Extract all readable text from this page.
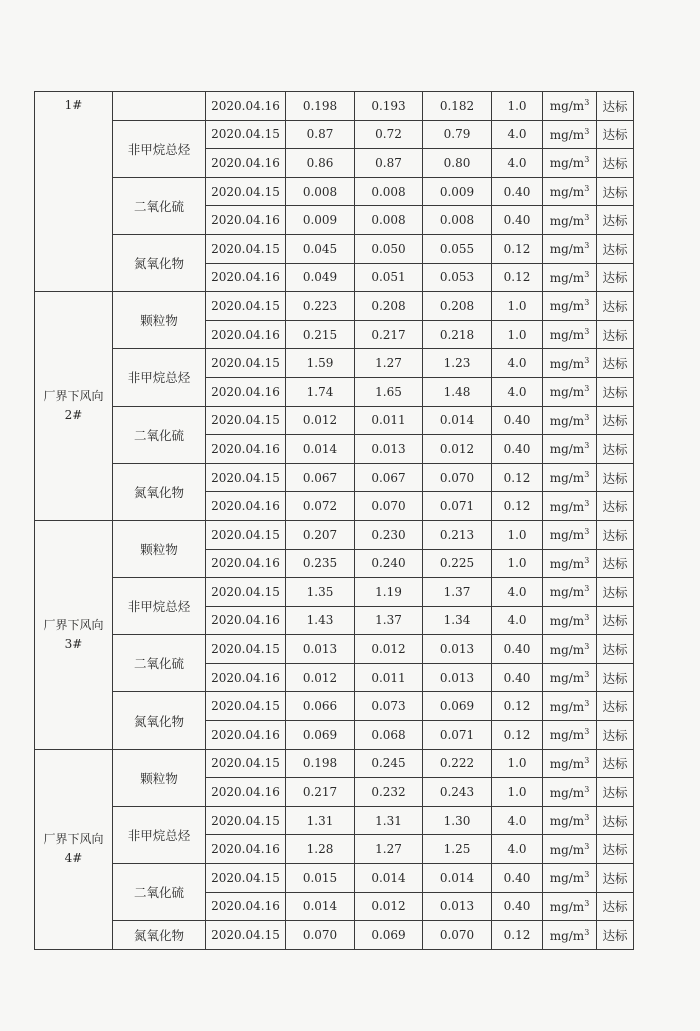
1#		2020.04.16	0.198	0.193	0.182	1.0	$mg/m^3$	达标
	非甲烷总烃	2020.04.15	0.87	0.72	0.79	4.0	$mg/m^3$	达标
		2020.04.16	0.86	0.87	0.80	4.0	$mg/m^3$	达标
	二氧化硫	2020.04.15	0.008	0.008	0.009	0.40	$mg/m^3$	达标
		2020.04.16	0.009	0.008	0.008	0.40	$mg/m^3$	达标
	氮氧化物	2020.04.15	0.045	0.050	0.055	0.12	$mg/m^3$	达标
		2020.04.16	0.049	0.051	0.053	0.12	$mg/m^3$	达标

厂界下风向
2#	颗粒物	2020.04.15	0.223	0.208	0.208	1.0	$mg/m^3$	达标
		2020.04.16	0.215	0.217	0.218	1.0	$mg/m^3$	达标
	非甲烷总烃	2020.04.15	1.59	1.27	1.23	4.0	$mg/m^3$	达标
		2020.04.16	1.74	1.65	1.48	4.0	$mg/m^3$	达标
	二氧化硫	2020.04.15	0.012	0.011	0.014	0.40	$mg/m^3$	达标
		2020.04.16	0.014	0.013	0.012	0.40	$mg/m^3$	达标
	氮氧化物	2020.04.15	0.067	0.067	0.070	0.12	$mg/m^3$	达标
		2020.04.16	0.072	0.070	0.071	0.12	$mg/m^3$	达标

厂界下风向
3#	颗粒物	2020.04.15	0.207	0.230	0.213	1.0	$mg/m^3$	达标
		2020.04.16	0.235	0.240	0.225	1.0	$mg/m^3$	达标
	非甲烷总烃	2020.04.15	1.35	1.19	1.37	4.0	$mg/m^3$	达标
		2020.04.16	1.43	1.37	1.34	4.0	$mg/m^3$	达标
	二氧化硫	2020.04.15	0.013	0.012	0.013	0.40	$mg/m^3$	达标
		2020.04.16	0.012	0.011	0.013	0.40	$mg/m^3$	达标
	氮氧化物	2020.04.15	0.066	0.073	0.069	0.12	$mg/m^3$	达标
		2020.04.16	0.069	0.068	0.071	0.12	$mg/m^3$	达标

厂界下风向
4#	颗粒物	2020.04.15	0.198	0.245	0.222	1.0	$mg/m^3$	达标
		2020.04.16	0.217	0.232	0.243	1.0	$mg/m^3$	达标
	非甲烷总烃	2020.04.15	1.31	1.31	1.30	4.0	$mg/m^3$	达标
		2020.04.16	1.28	1.27	1.25	4.0	$mg/m^3$	达标
	二氧化硫	2020.04.15	0.015	0.014	0.014	0.40	$mg/m^3$	达标
		2020.04.16	0.014	0.012	0.013	0.40	$mg/m^3$	达标
	氮氧化物	2020.04.15	0.070	0.069	0.070	0.12	$mg/m^3$	达标
